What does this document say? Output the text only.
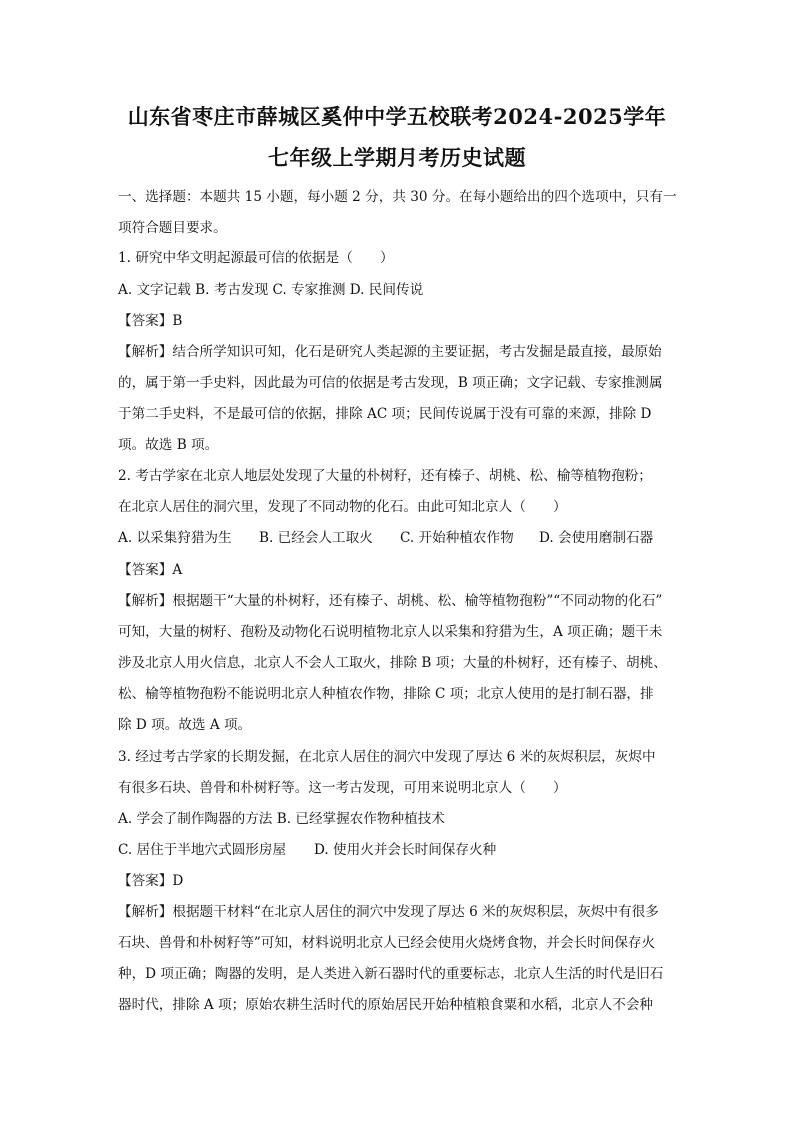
山东省枣庄市薛城区奚仲中学五校联考2024-2025学年
七年级上学期月考历史试题
一、选择题：本题共 15 小题，每小题 2 分，共 30 分。在每小题给出的四个选项中，只有一
项符合题目要求。
1. 研究中华文明起源最可信的依据是（　　）
A. 文字记载 B. 考古发现 C. 专家推测 D. 民间传说
【答案】B
【解析】结合所学知识可知，化石是研究人类起源的主要证据，考古发掘是最直接，最原始
的，属于第一手史料，因此最为可信的依据是考古发现，B 项正确；文字记载、专家推测属
于第二手史料，不是最可信的依据，排除 AC 项；民间传说属于没有可靠的来源，排除 D
项。故选 B 项。
2. 考古学家在北京人地层处发现了大量的朴树籽，还有榛子、胡桃、松、榆等植物孢粉；
在北京人居住的洞穴里，发现了不同动物的化石。由此可知北京人（　　）
A. 以采集狩猎为生 B. 已经会人工取火 C. 开始种植农作物 D. 会使用磨制石器
【答案】A
【解析】根据题干“大量的朴树籽，还有榛子、胡桃、松、榆等植物孢粉”“不同动物的化石”
可知，大量的树籽、孢粉及动物化石说明植物北京人以采集和狩猎为生，A 项正确；题干未
涉及北京人用火信息，北京人不会人工取火，排除 B 项；大量的朴树籽，还有榛子、胡桃、
松、榆等植物孢粉不能说明北京人种植农作物，排除 C 项；北京人使用的是打制石器，排
除 D 项。故选 A 项。
3. 经过考古学家的长期发掘，在北京人居住的洞穴中发现了厚达 6 米的灰烬积层，灰烬中
有很多石块、兽骨和朴树籽等。这一考古发现，可用来说明北京人（　　）
A. 学会了制作陶器的方法 B. 已经掌握农作物种植技术
C. 居住于半地穴式圆形房屋 D. 使用火并会长时间保存火种
【答案】D
【解析】根据题干材料“在北京人居住的洞穴中发现了厚达 6 米的灰烬积层，灰烬中有很多
石块、兽骨和朴树籽等”可知，材料说明北京人已经会使用火烧烤食物，并会长时间保存火
种，D 项正确；陶器的发明，是人类进入新石器时代的重要标志，北京人生活的时代是旧石
器时代，排除 A 项；原始农耕生活时代的原始居民开始种植粮食粟和水稻，北京人不会种
